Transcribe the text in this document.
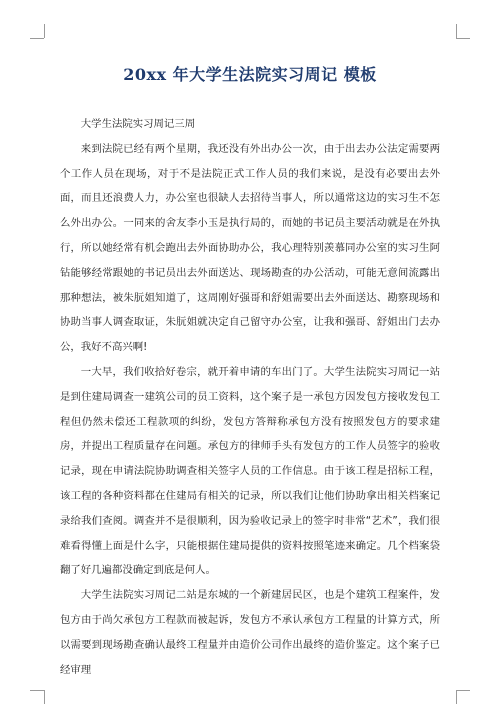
20xx 年大学生法院实习周记 模板

大学生法院实习周记三周

来到法院已经有两个星期，我还没有外出办公一次，由于出去办公法定需要两个工作人员在现场，对于不是法院正式工作人员的我们来说，是没有必要出去外面，而且还浪费人力，办公室也很缺人去招待当事人，所以通常这边的实习生不怎么外出办公。一同来的舍友李小玉是执行局的，而她的书记员主要活动就是在外执行，所以她经常有机会跑出去外面协助办公，我心理特别羡慕同办公室的实习生阿钻能够经常跟她的书记员出去外面送达、现场勘查的办公活动，可能无意间流露出那种想法，被朱朊姐知道了，这周刚好强哥和舒姐需要出去外面送达、勘察现场和协助当事人调查取证，朱朊姐就决定自己留守办公室，让我和强哥、舒姐出门去办公，我好不高兴啊!

一大早，我们收拾好卷宗，就开着申请的车出门了。大学生法院实习周记一站是到住建局调查一建筑公司的员工资料，这个案子是一承包方因发包方接收发包工程但仍然未偿还工程款项的纠纷，发包方答辩称承包方没有按照发包方的要求建房，并提出工程质量存在问题。承包方的律师手头有发包方的工作人员签字的验收记录，现在申请法院协助调查相关签字人员的工作信息。由于该工程是招标工程，该工程的各种资料都在住建局有相关的记录，所以我们让他们协助拿出相关档案记录给我们查阅。调查并不是很顺利，因为验收记录上的签字时非常“艺术”，我们很难看得懂上面是什么字，只能根据住建局提供的资料按照笔迹来确定。几个档案袋翻了好几遍都没确定到底是何人。

大学生法院实习周记二站是东城的一个新建居民区，也是个建筑工程案件，发包方由于尚欠承包方工程款而被起诉，发包方不承认承包方工程量的计算方式，所以需要到现场勘查确认最终工程量并由造价公司作出最终的造价鉴定。这个案子已经审理
